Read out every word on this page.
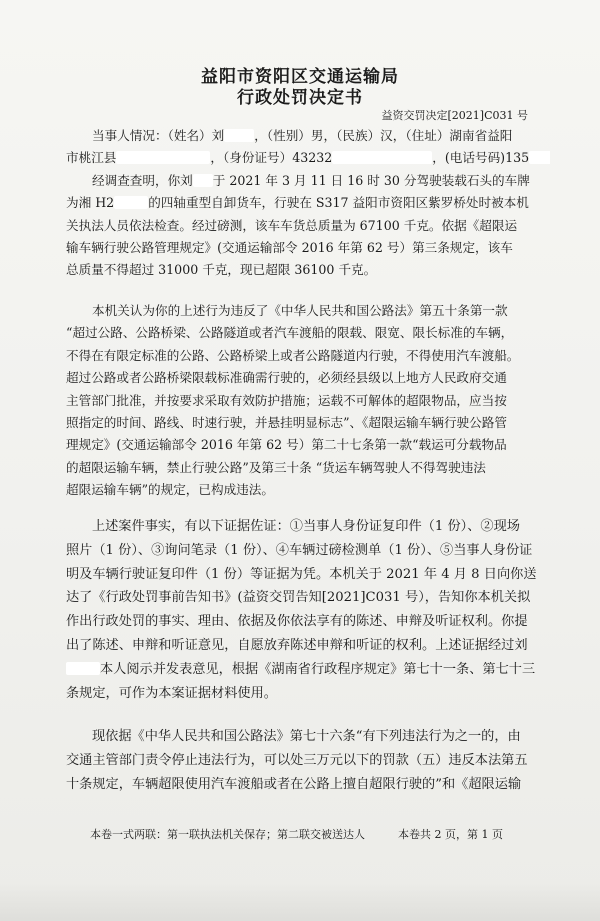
益阳市资阳区交通运输局
行政处罚决定书
益资交罚决定[2021]C031 号
当事人情况：（姓名）刘 ，（性别）男，（民族）汉，（住址）湖南省益阳
市桃江县	，（身份证号）43232	，(电话号码)135
经调查查明，你刘 于 2021 年 3 月 11 日 16 时 30 分驾驶装载石头的车牌
为湘 H2	的四轴重型自卸货车，行驶在 S317 益阳市资阳区紫罗桥处时被本机
关执法人员依法检查。经过磅测，该车车货总质量为 67100 千克。依据《超限运
输车辆行驶公路管理规定》(交通运输部令 2016 年第 62 号）第三条规定，该车
总质量不得超过 31000 千克，现已超限 36100 千克。
本机关认为你的上述行为违反了《中华人民共和国公路法》第五十条第一款
“超过公路、公路桥梁、公路隧道或者汽车渡船的限载、限宽、限长标准的车辆，
不得在有限定标准的公路、公路桥梁上或者公路隧道内行驶，不得使用汽车渡船。
超过公路或者公路桥梁限载标准确需行驶的，必须经县级以上地方人民政府交通
主管部门批准，并按要求采取有效防护措施；运载不可解体的超限物品，应当按
照指定的时间、路线、时速行驶，并悬挂明显标志”、《超限运输车辆行驶公路管
理规定》(交通运输部令 2016 年第 62 号）第二十七条第一款“载运可分载物品
的超限运输车辆，禁止行驶公路”及第三十条 “货运车辆驾驶人不得驾驶违法
超限运输车辆”的规定，已构成违法。
上述案件事实，有以下证据佐证：①当事人身份证复印件（1 份）、②现场
照片（1 份）、③询问笔录（1 份）、④车辆过磅检测单（1 份）、⑤当事人身份证
明及车辆行驶证复印件（1 份）等证据为凭。本机关于 2021 年 4 月 8 日向你送
达了《行政处罚事前告知书》(益资交罚告知[2021]C031 号），告知你本机关拟
作出行政处罚的事实、理由、依据及你依法享有的陈述、申辩及听证权利。你提
出了陈述、申辩和听证意见，自愿放弃陈述申辩和听证的权利。上述证据经过刘
本人阅示并发表意见，根据《湖南省行政程序规定》第七十一条、第七十三
条规定，可作为本案证据材料使用。
现依据《中华人民共和国公路法》第七十六条“有下列违法行为之一的，由
交通主管部门责令停止违法行为，可以处三万元以下的罚款（五）违反本法第五
十条规定，车辆超限使用汽车渡船或者在公路上擅自超限行驶的”和《超限运输
本卷一式两联：第一联执法机关保存；第二联交被送达人	本卷共 2 页，第 1 页
